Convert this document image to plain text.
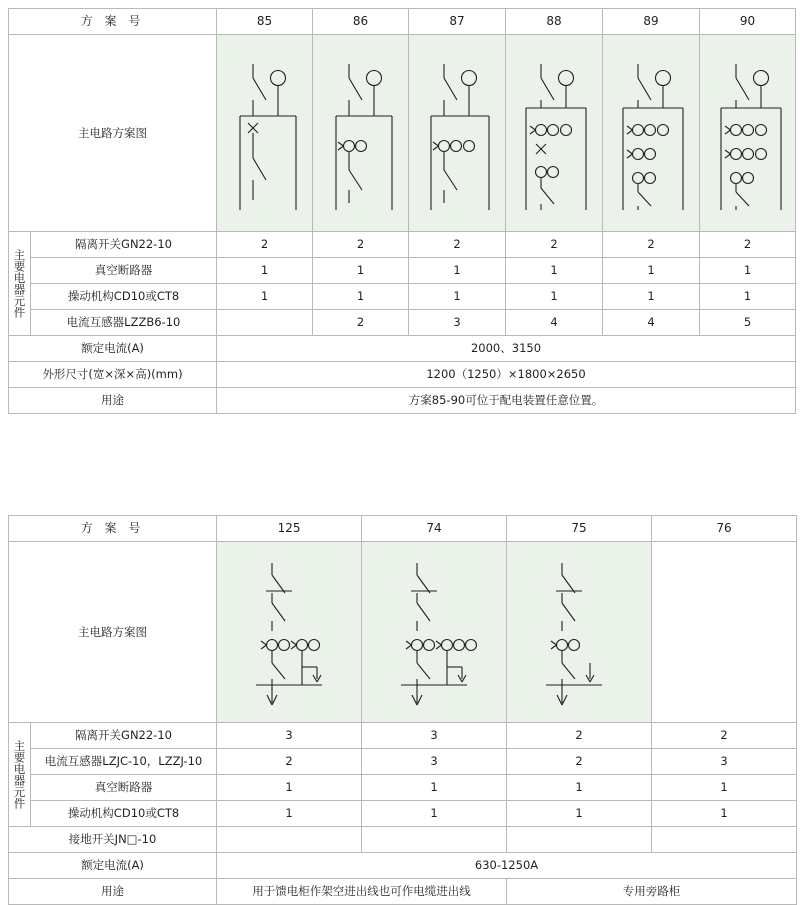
方 案 号		85	86	87	88	89	90

主电路方案图

主要电器元件	隔离开关GN22-10	2	2	2	2	2	2
	真空断路器	1	1	1	1	1	1
	操动机构CD10或CT8	1	1	1	1	1	1
	电流互感器LZZB6-10		2	3	4	4	5
额定电流(A)		2000、3150					
外形尺寸(宽×深×高)(mm)		1200（1250）×1800×2650					
用途		方案85-90可位于配电装置任意位置。					
方 案 号		125	74	75	76

主电路方案图

主要电器元件	隔离开关GN22-10	3	3	2	2
	电流互感器LZJC-10，LZZJ-10	2	3	2	3
	真空断路器	1	1	1	1
	操动机构CD10或CT8	1	1	1	1
接地开关JN□-10					
额定电流(A)		630-1250A			
用途		用于馈电柜作架空进出线也可作电缆进出线		专用旁路柜	
